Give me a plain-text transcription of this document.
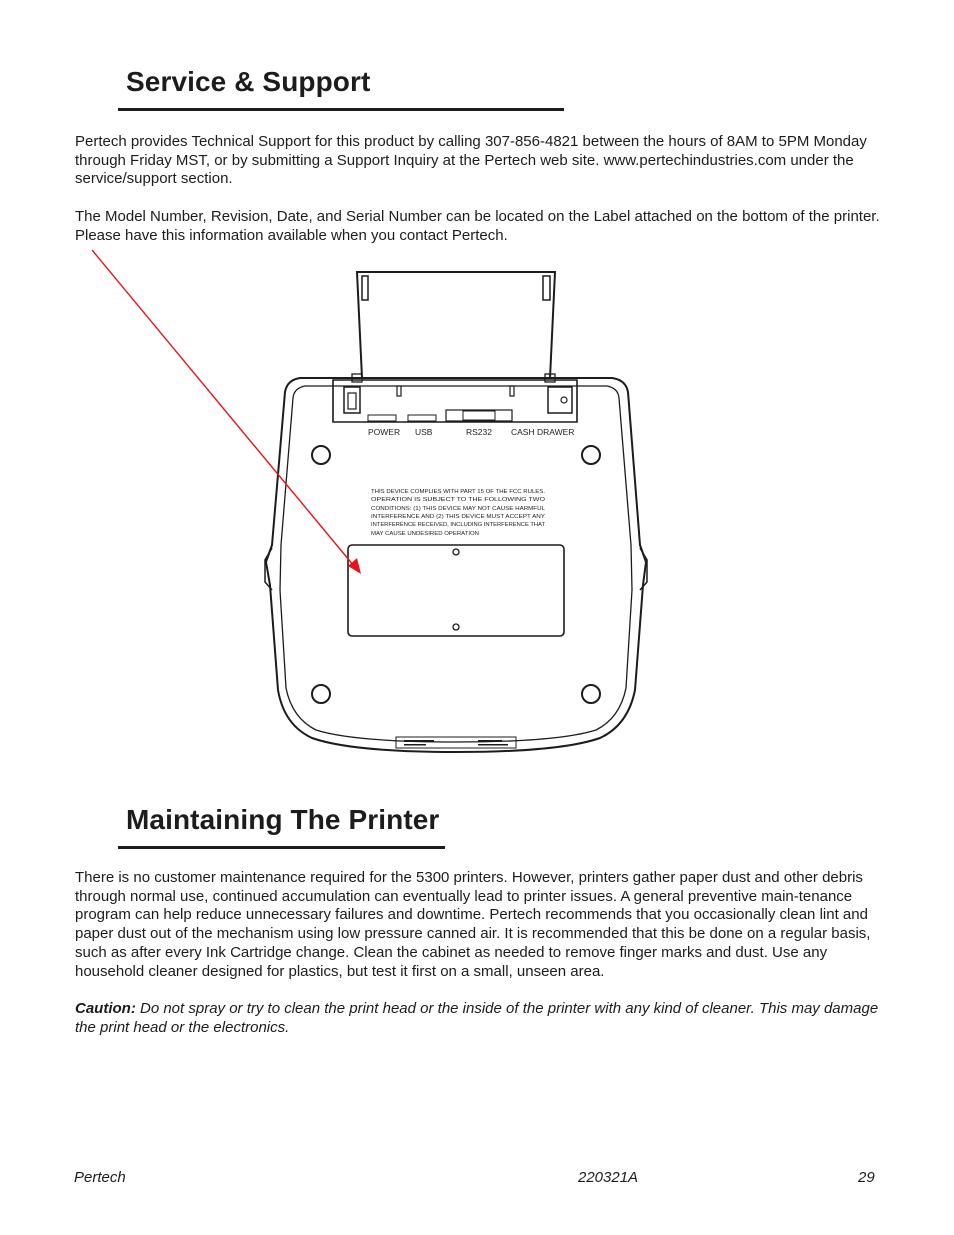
Service & Support

Pertech provides Technical Support for this product by calling 307-856-4821 between the hours of 8AM to 5PM Monday through Friday MST, or by submitting a Support Inquiry at the Pertech web site. www.pertechindustries.com under the service/support section.

The Model Number, Revision, Date, and Serial Number can be located on the Label attached on the bottom of the printer. Please have this information available when you contact Pertech.

POWER USB	RS232 CASH DRAWER
THIS DEVICE COMPLIES WITH PART 15 OF THE FCC RULES.
OPERATION IS SUBJECT TO THE FOLLOWING TWO
CONDITIONS: (1) THIS DEVICE MAY NOT CAUSE HARMFUL
INTERFERENCE AND (2) THIS DEVICE MUST ACCEPT ANY
INTERFERENCE RECEIVED, INCLUDING INTERFERENCE THAT
MAY CAUSE UNDESIRED OPERATION
Maintaining The Printer

There is no customer maintenance required for the 5300 printers. However, printers gather paper dust and other debris through normal use, continued accumulation can eventually lead to printer issues. A general preventive main-tenance program can help reduce unnecessary failures and downtime. Pertech recommends that you occasionally clean lint and paper dust out of the mechanism using low pressure canned air. It is recommended that this be done on a regular basis, such as after every Ink Cartridge change. Clean the cabinet as needed to remove finger marks and dust. Use any household cleaner designed for plastics, but test it first on a small, unseen area.

Caution: Do not spray or try to clean the print head or the inside of the printer with any kind of cleaner. This may damage the print head or the electronics.

Pertech	220321A	29
